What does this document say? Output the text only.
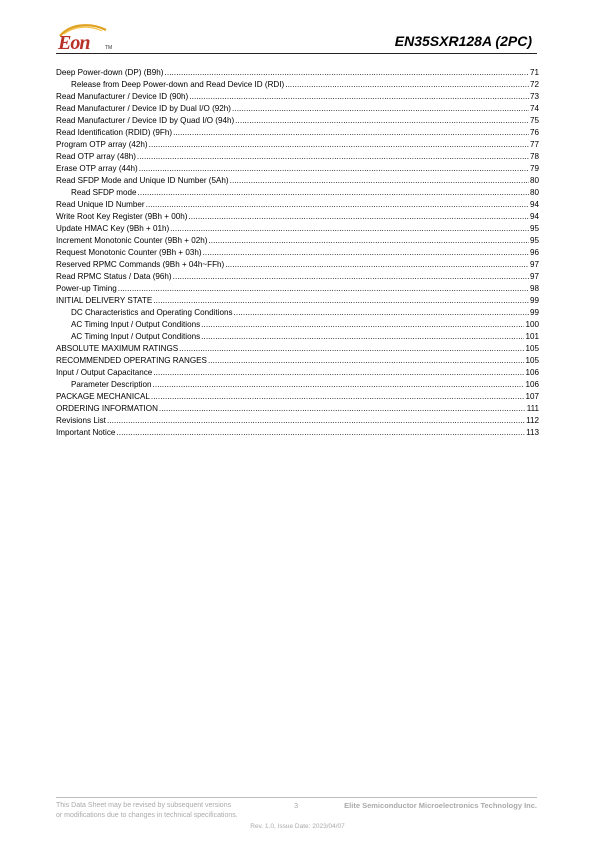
Eon	TM	EN35SXR128A (2PC)
Deep Power-down (DP) (B9h) .....	71
Release from Deep Power-down and Read Device ID (RDI) .....	72
Read Manufacturer / Device ID (90h) .....	73
Read Manufacturer / Device ID by Dual I/O (92h) .....	74
Read Manufacturer / Device ID by Quad I/O (94h) .....	75
Read Identification (RDID) (9Fh) .....	76
Program OTP array (42h) .....	77
Read OTP array (48h) .....	78
Erase OTP array (44h) .....	79
Read SFDP Mode and Unique ID Number (5Ah) .....	80
Read SFDP mode .....	80
Read Unique ID Number .....	94
Write Root Key Register (9Bh + 00h) .....	94
Update HMAC Key (9Bh + 01h) .....	95
Increment Monotonic Counter (9Bh + 02h) .....	95
Request Monotonic Counter (9Bh + 03h) .....	96
Reserved RPMC Commands (9Bh + 04h~FFh) .....	97
Read RPMC Status / Data (96h) .....	97
Power-up Timing .....	98
INITIAL DELIVERY STATE .....	99
DC Characteristics and Operating Conditions .....	99
AC Timing Input / Output Conditions .....	100
AC Timing Input / Output Conditions .....	101
ABSOLUTE MAXIMUM RATINGS .....	105
RECOMMENDED OPERATING RANGES .....	105
Input / Output Capacitance .....	106
Parameter Description .....	106
PACKAGE MECHANICAL .....	107
ORDERING INFORMATION .....	111
Revisions List .....	112
Important Notice .....	113
This Data Sheet may be revised by subsequent versions
or modifications due to changes in technical specifications.
3	Elite Semiconductor Microelectronics Technology Inc.
Rev. 1.0, Issue Date: 2023/04/07
